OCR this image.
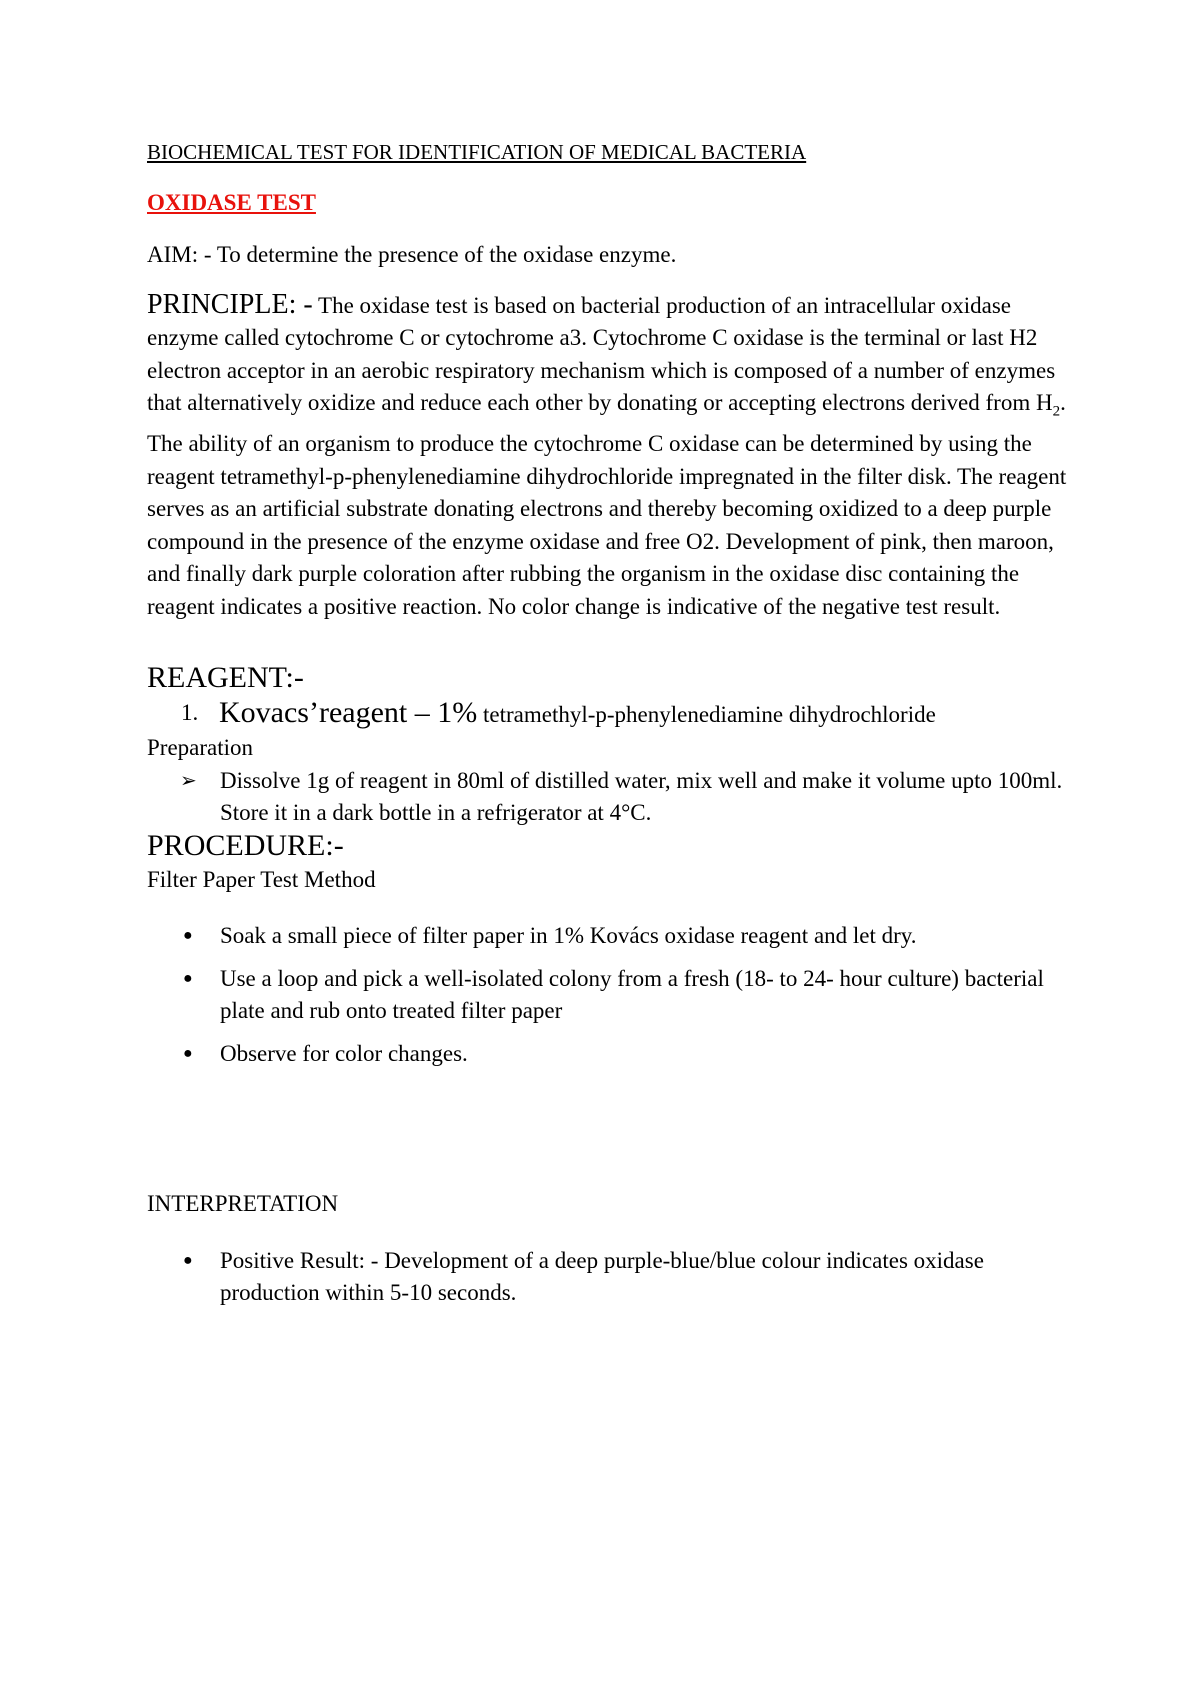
BIOCHEMICAL TEST FOR IDENTIFICATION OF MEDICAL BACTERIA

OXIDASE TEST

AIM: - To determine the presence of the oxidase enzyme.

PRINCIPLE: - The oxidase test is based on bacterial production of an intracellular oxidase enzyme called cytochrome C or cytochrome a3. Cytochrome C oxidase is the terminal or last H2 electron acceptor in an aerobic respiratory mechanism which is composed of a number of enzymes that alternatively oxidize and reduce each other by donating or accepting electrons derived from $H_2$.

The ability of an organism to produce the cytochrome C oxidase can be determined by using the reagent tetramethyl-p-phenylenediamine dihydrochloride impregnated in the filter disk. The reagent serves as an artificial substrate donating electrons and thereby becoming oxidized to a deep purple compound in the presence of the enzyme oxidase and free O2. Development of pink, then maroon, and finally dark purple coloration after rubbing the organism in the oxidase disc containing the reagent indicates a positive reaction. No color change is indicative of the negative test result.

REAGENT:-

1. Kovacs’reagent – 1% tetramethyl-p-phenylenediamine dihydrochloride

Preparation

➢	Dissolve 1g of reagent in 80ml of distilled water, mix well and make it volume upto 100ml. Store it in a dark bottle in a refrigerator at 4°C.

PROCEDURE:-

Filter Paper Test Method

●	Soak a small piece of filter paper in 1% Kovács oxidase reagent and let dry.
●	Use a loop and pick a well-isolated colony from a fresh (18- to 24- hour culture) bacterial plate and rub onto treated filter paper
●	Observe for color changes.

INTERPRETATION

●	Positive Result: - Development of a deep purple-blue/blue colour indicates oxidase production within 5-10 seconds.
